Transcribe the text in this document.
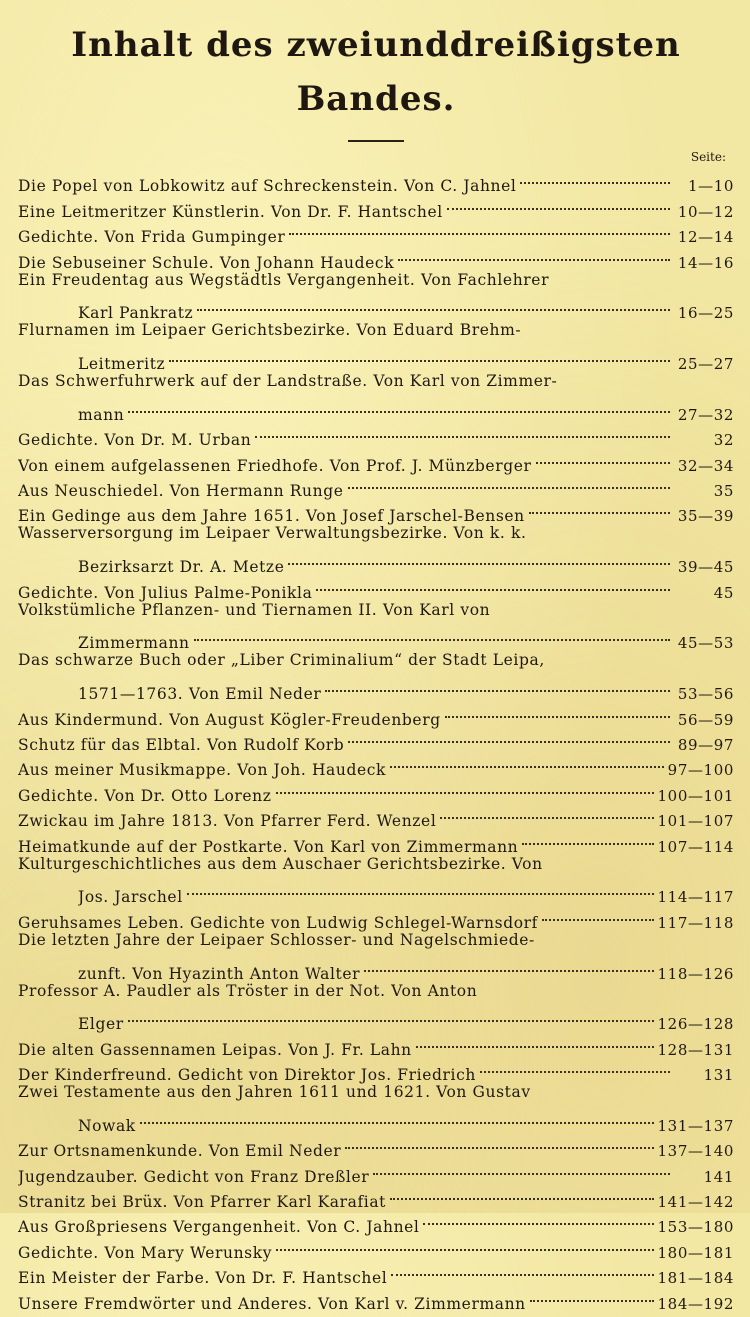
Inhalt des zweiunddreißigsten Bandes.
Seite:
Die Popel von Lobkowitz auf Schreckenstein. Von C. Jahnel	1—10
Eine Leitmeritzer Künstlerin. Von Dr. F. Hantschel	10—12
Gedichte. Von Frida Gumpinger	12—14
Die Sebuseiner Schule. Von Johann Haudeck	14—16
Ein Freudentag aus Wegstädtls Vergangenheit. Von Fachlehrer
Karl Pankratz	16—25
Flurnamen im Leipaer Gerichtsbezirke. Von Eduard Brehm-
Leitmeritz	25—27
Das Schwerfuhrwerk auf der Landstraße. Von Karl von Zimmer-
mann	27—32
Gedichte. Von Dr. M. Urban	32
Von einem aufgelassenen Friedhofe. Von Prof. J. Münzberger	32—34
Aus Neuschiedel. Von Hermann Runge	35
Ein Gedinge aus dem Jahre 1651. Von Josef Jarschel-Bensen	35—39
Wasserversorgung im Leipaer Verwaltungsbezirke. Von k. k.
Bezirksarzt Dr. A. Metze	39—45
Gedichte. Von Julius Palme-Ponikla	45
Volkstümliche Pflanzen- und Tiernamen II. Von Karl von
Zimmermann	45—53
Das schwarze Buch oder „Liber Criminalium“ der Stadt Leipa,
1571—1763. Von Emil Neder	53—56
Aus Kindermund. Von August Kögler-Freudenberg	56—59
Schutz für das Elbtal. Von Rudolf Korb	89—97
Aus meiner Musikmappe. Von Joh. Haudeck	97—100
Gedichte. Von Dr. Otto Lorenz	100—101
Zwickau im Jahre 1813. Von Pfarrer Ferd. Wenzel	101—107
Heimatkunde auf der Postkarte. Von Karl von Zimmermann	107—114
Kulturgeschichtliches aus dem Auschaer Gerichtsbezirke. Von
Jos. Jarschel	114—117
Geruhsames Leben. Gedichte von Ludwig Schlegel-Warnsdorf	117—118
Die letzten Jahre der Leipaer Schlosser- und Nagelschmiede-
zunft. Von Hyazinth Anton Walter	118—126
Professor A. Paudler als Tröster in der Not. Von Anton
Elger	126—128
Die alten Gassennamen Leipas. Von J. Fr. Lahn	128—131
Der Kinderfreund. Gedicht von Direktor Jos. Friedrich	131
Zwei Testamente aus den Jahren 1611 und 1621. Von Gustav
Nowak	131—137
Zur Ortsnamenkunde. Von Emil Neder	137—140
Jugendzauber. Gedicht von Franz Dreßler	141
Stranitz bei Brüx. Von Pfarrer Karl Karafiat	141—142
Aus Großpriesens Vergangenheit. Von C. Jahnel	153—180
Gedichte. Von Mary Werunsky	180—181
Ein Meister der Farbe. Von Dr. F. Hantschel	181—184
Unsere Fremdwörter und Anderes. Von Karl v. Zimmermann	184—192
